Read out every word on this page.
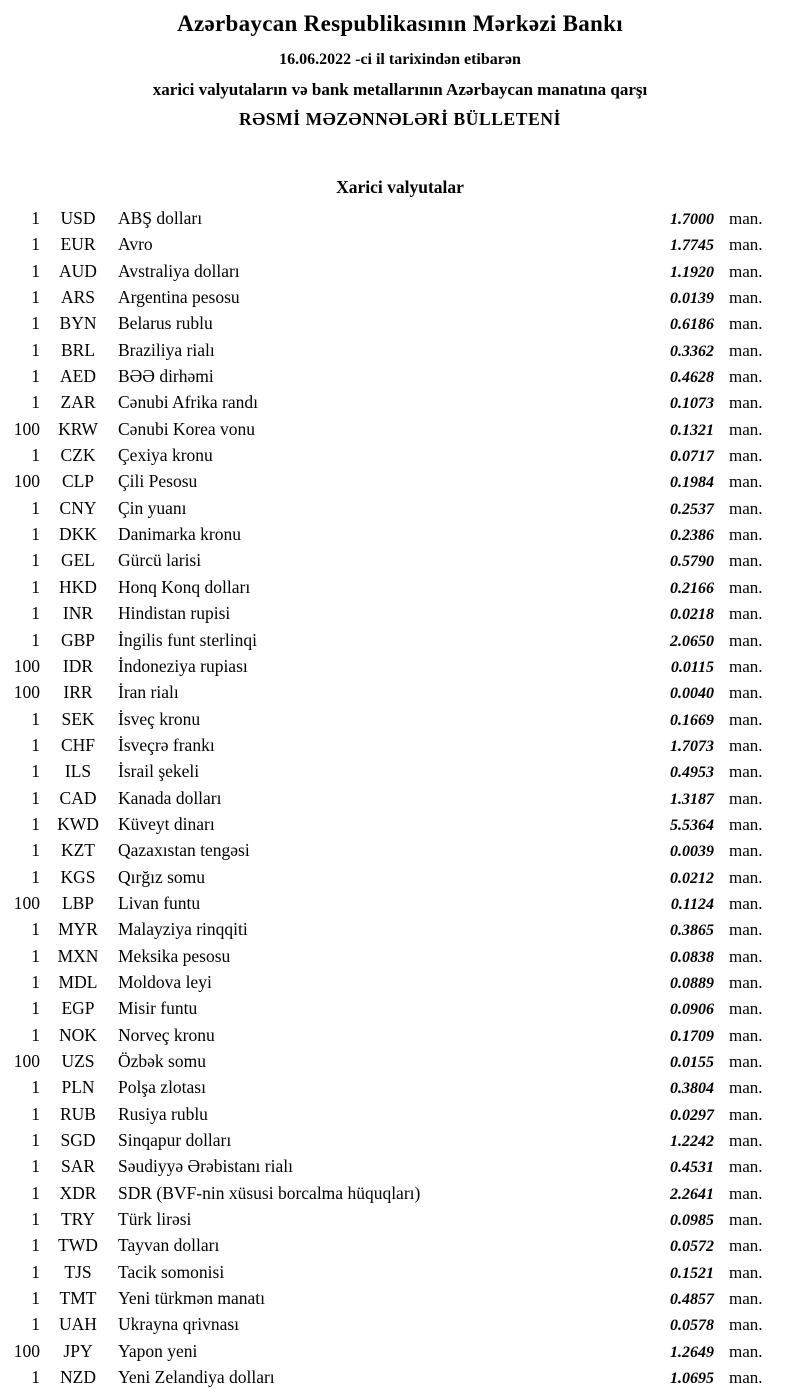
Azərbaycan Respublikasının Mərkəzi Bankı
16.06.2022 -ci il tarixindən etibarən
xarici valyutaların və bank metallarının Azərbaycan manatına qarşı
RƏSMİ MƏZƏNNƏLƏRİ BÜLLETENİ
Xarici valyutalar
1	USD	ABŞ dolları	1.7000 man.
1	EUR	Avro	1.7745 man.
1	AUD	Avstraliya dolları	1.1920 man.
1	ARS	Argentina pesosu	0.0139 man.
1	BYN	Belarus rublu	0.6186 man.
1	BRL	Braziliya rialı	0.3362 man.
1	AED	BƏƏ dirhəmi	0.4628 man.
1	ZAR	Cənubi Afrika randı	0.1073 man.
100	KRW	Cənubi Korea vonu	0.1321 man.
1	CZK	Çexiya kronu	0.0717 man.
100	CLP	Çili Pesosu	0.1984 man.
1	CNY	Çin yuanı	0.2537 man.
1	DKK	Danimarka kronu	0.2386 man.
1	GEL	Gürcü larisi	0.5790 man.
1	HKD	Honq Konq dolları	0.2166 man.
1	INR	Hindistan rupisi	0.0218 man.
1	GBP	İngilis funt sterlinqi	2.0650 man.
100	IDR	İndoneziya rupiası	0.0115 man.
100	IRR	İran rialı	0.0040 man.
1	SEK	İsveç kronu	0.1669 man.
1	CHF	İsveçrə frankı	1.7073 man.
1	ILS	İsrail şekeli	0.4953 man.
1	CAD	Kanada dolları	1.3187 man.
1 KWD	Küveyt dinarı	5.5364 man.
1	KZT	Qazaxıstan tengəsi	0.0039 man.
1	KGS	Qırğız somu	0.0212 man.
100	LBP	Livan funtu	0.1124 man.
1	MYR	Malayziya rinqqiti	0.3865 man.
1	MXN	Meksika pesosu	0.0838 man.
1	MDL	Moldova leyi	0.0889 man.
1	EGP	Misir funtu	0.0906 man.
1	NOK	Norveç kronu	0.1709 man.
100	UZS	Özbək somu	0.0155 man.
1	PLN	Polşa zlotası	0.3804 man.
1	RUB	Rusiya rublu	0.0297 man.
1	SGD	Sinqapur dolları	1.2242 man.
1	SAR	Səudiyyə Ərəbistanı rialı	0.4531 man.
1	XDR	SDR (BVF-nin xüsusi borcalma hüquqları)	2.2641 man.
1	TRY	Türk lirəsi	0.0985 man.
1	TWD	Tayvan dolları	0.0572 man.
1	TJS	Tacik somonisi	0.1521 man.
1	TMT	Yeni türkmən manatı	0.4857 man.
1	UAH	Ukrayna qrivnası	0.0578 man.
100	JPY	Yapon yeni	1.2649 man.
1	NZD	Yeni Zelandiya dolları	1.0695 man.
